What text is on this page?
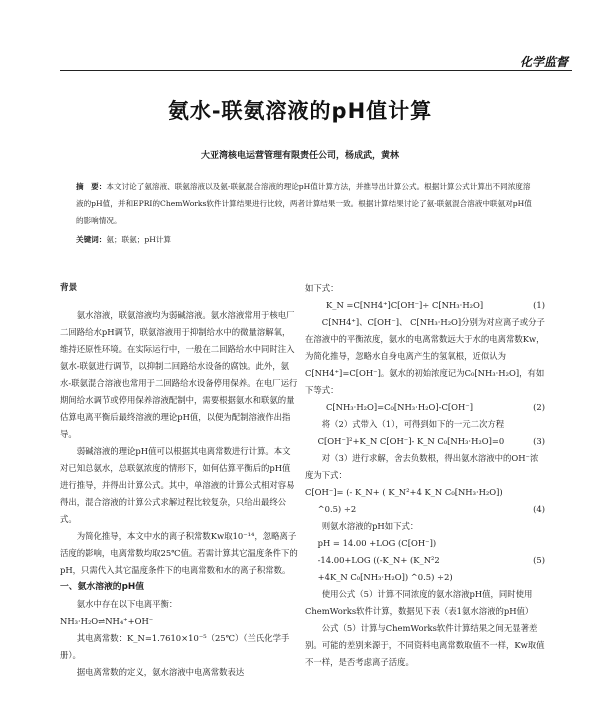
化学监督
氨水-联氨溶液的pH值计算
大亚湾核电运营管理有限责任公司，杨成武，黄林
摘　要：本文讨论了氨溶液、联氨溶液以及氨-联氨混合溶液的理论pH值计算方法，并推导出计算公式。根据计算公式计算出不同浓度溶液的pH值，并和EPRI的ChemWorks软件计算结果进行比较，两者计算结果一致。根据计算结果讨论了氨-联氨混合溶液中联氨对pH值的影响情况。
关键词：氨；联氨；pH计算

背景

氨水溶液，联氨溶液均为弱碱溶液。氨水溶液常用于核电厂二回路给水pH调节，联氨溶液用于抑制给水中的微量溶解氧，维持还原性环境。在实际运行中，一般在二回路给水中同时注入氨水-联氨进行调节，以抑制二回路给水设备的腐蚀。此外，氨水-联氨混合溶液也常用于二回路给水设备停用保养。在电厂运行期间给水调节或停用保养溶液配制中，需要根据氨水和联氨的量估算电离平衡后最终溶液的理论pH值，以便为配制溶液作出指导。

弱碱溶液的理论pH值可以根据其电离常数进行计算。本文对已知总氨水，总联氨浓度的情形下，如何估算平衡后的pH值进行推导，并得出计算公式。其中，单溶液的计算公式相对容易得出，混合溶液的计算公式求解过程比较复杂，只给出最终公式。

为简化推导，本文中水的离子积常数Kw取10⁻¹⁴，忽略离子活度的影响，电离常数均取25℃值。若需计算其它温度条件下的pH，只需代入其它温度条件下的电离常数和水的离子积常数。

一、氨水溶液的pH值

氨水中存在以下电离平衡：

NH₃·H₂O⇌NH₄⁺+OH⁻

其电离常数：K_N=1.7610×10⁻⁵（25℃）（兰氏化学手册）。

据电离常数的定义，氨水溶液中电离常数表达

如下式：

K_N =C[NH4⁺]C[OH⁻]÷ C[NH₃·H₂O]	(1)

C[NH4⁺]、C[OH⁻]、 C[NH₃·H₂O]分别为对应离子或分子在溶液中的平衡浓度，氨水的电离常数远大于水的电离常数Kw，为简化推导，忽略水自身电离产生的氢氧根，近似认为C[NH4⁺]=C[OH⁻]。氨水的初始浓度记为C₀[NH₃·H₂O]，有如下等式：

C[NH₃·H₂O]=C₀[NH₃·H₂O]-C[OH⁻]	(2)

将（2）式带入（1），可得到如下的一元二次方程

C[OH⁻]²+K_N C[OH⁻]- K_N C₀[NH₃·H₂O]=0	(3)

对（3）进行求解，舍去负数根，得出氨水溶液中的OH⁻浓度为下式：

C[OH⁻]= (- K_N+ ( K_N²+4 K_N C₀[NH₃·H₂O])

^0.5) ÷2	(4)

则氨水溶液的pH如下式：

pH = 14.00 +LOG (C[OH⁻])

-14.00+LOG ((-K_N+ (K_N²2	(5)

+4K_N C₀[NH₃·H₂O]) ^0.5) ÷2)

使用公式（5）计算不同浓度的氨水溶液pH值，同时使用ChemWorks软件计算，数据见下表（表1氨水溶液的pH值）

公式（5）计算与ChemWorks软件计算结果之间无显著差别。可能的差别来源于，不同资料电离常数取值不一样，Kw取值不一样，是否考虑离子活度。
